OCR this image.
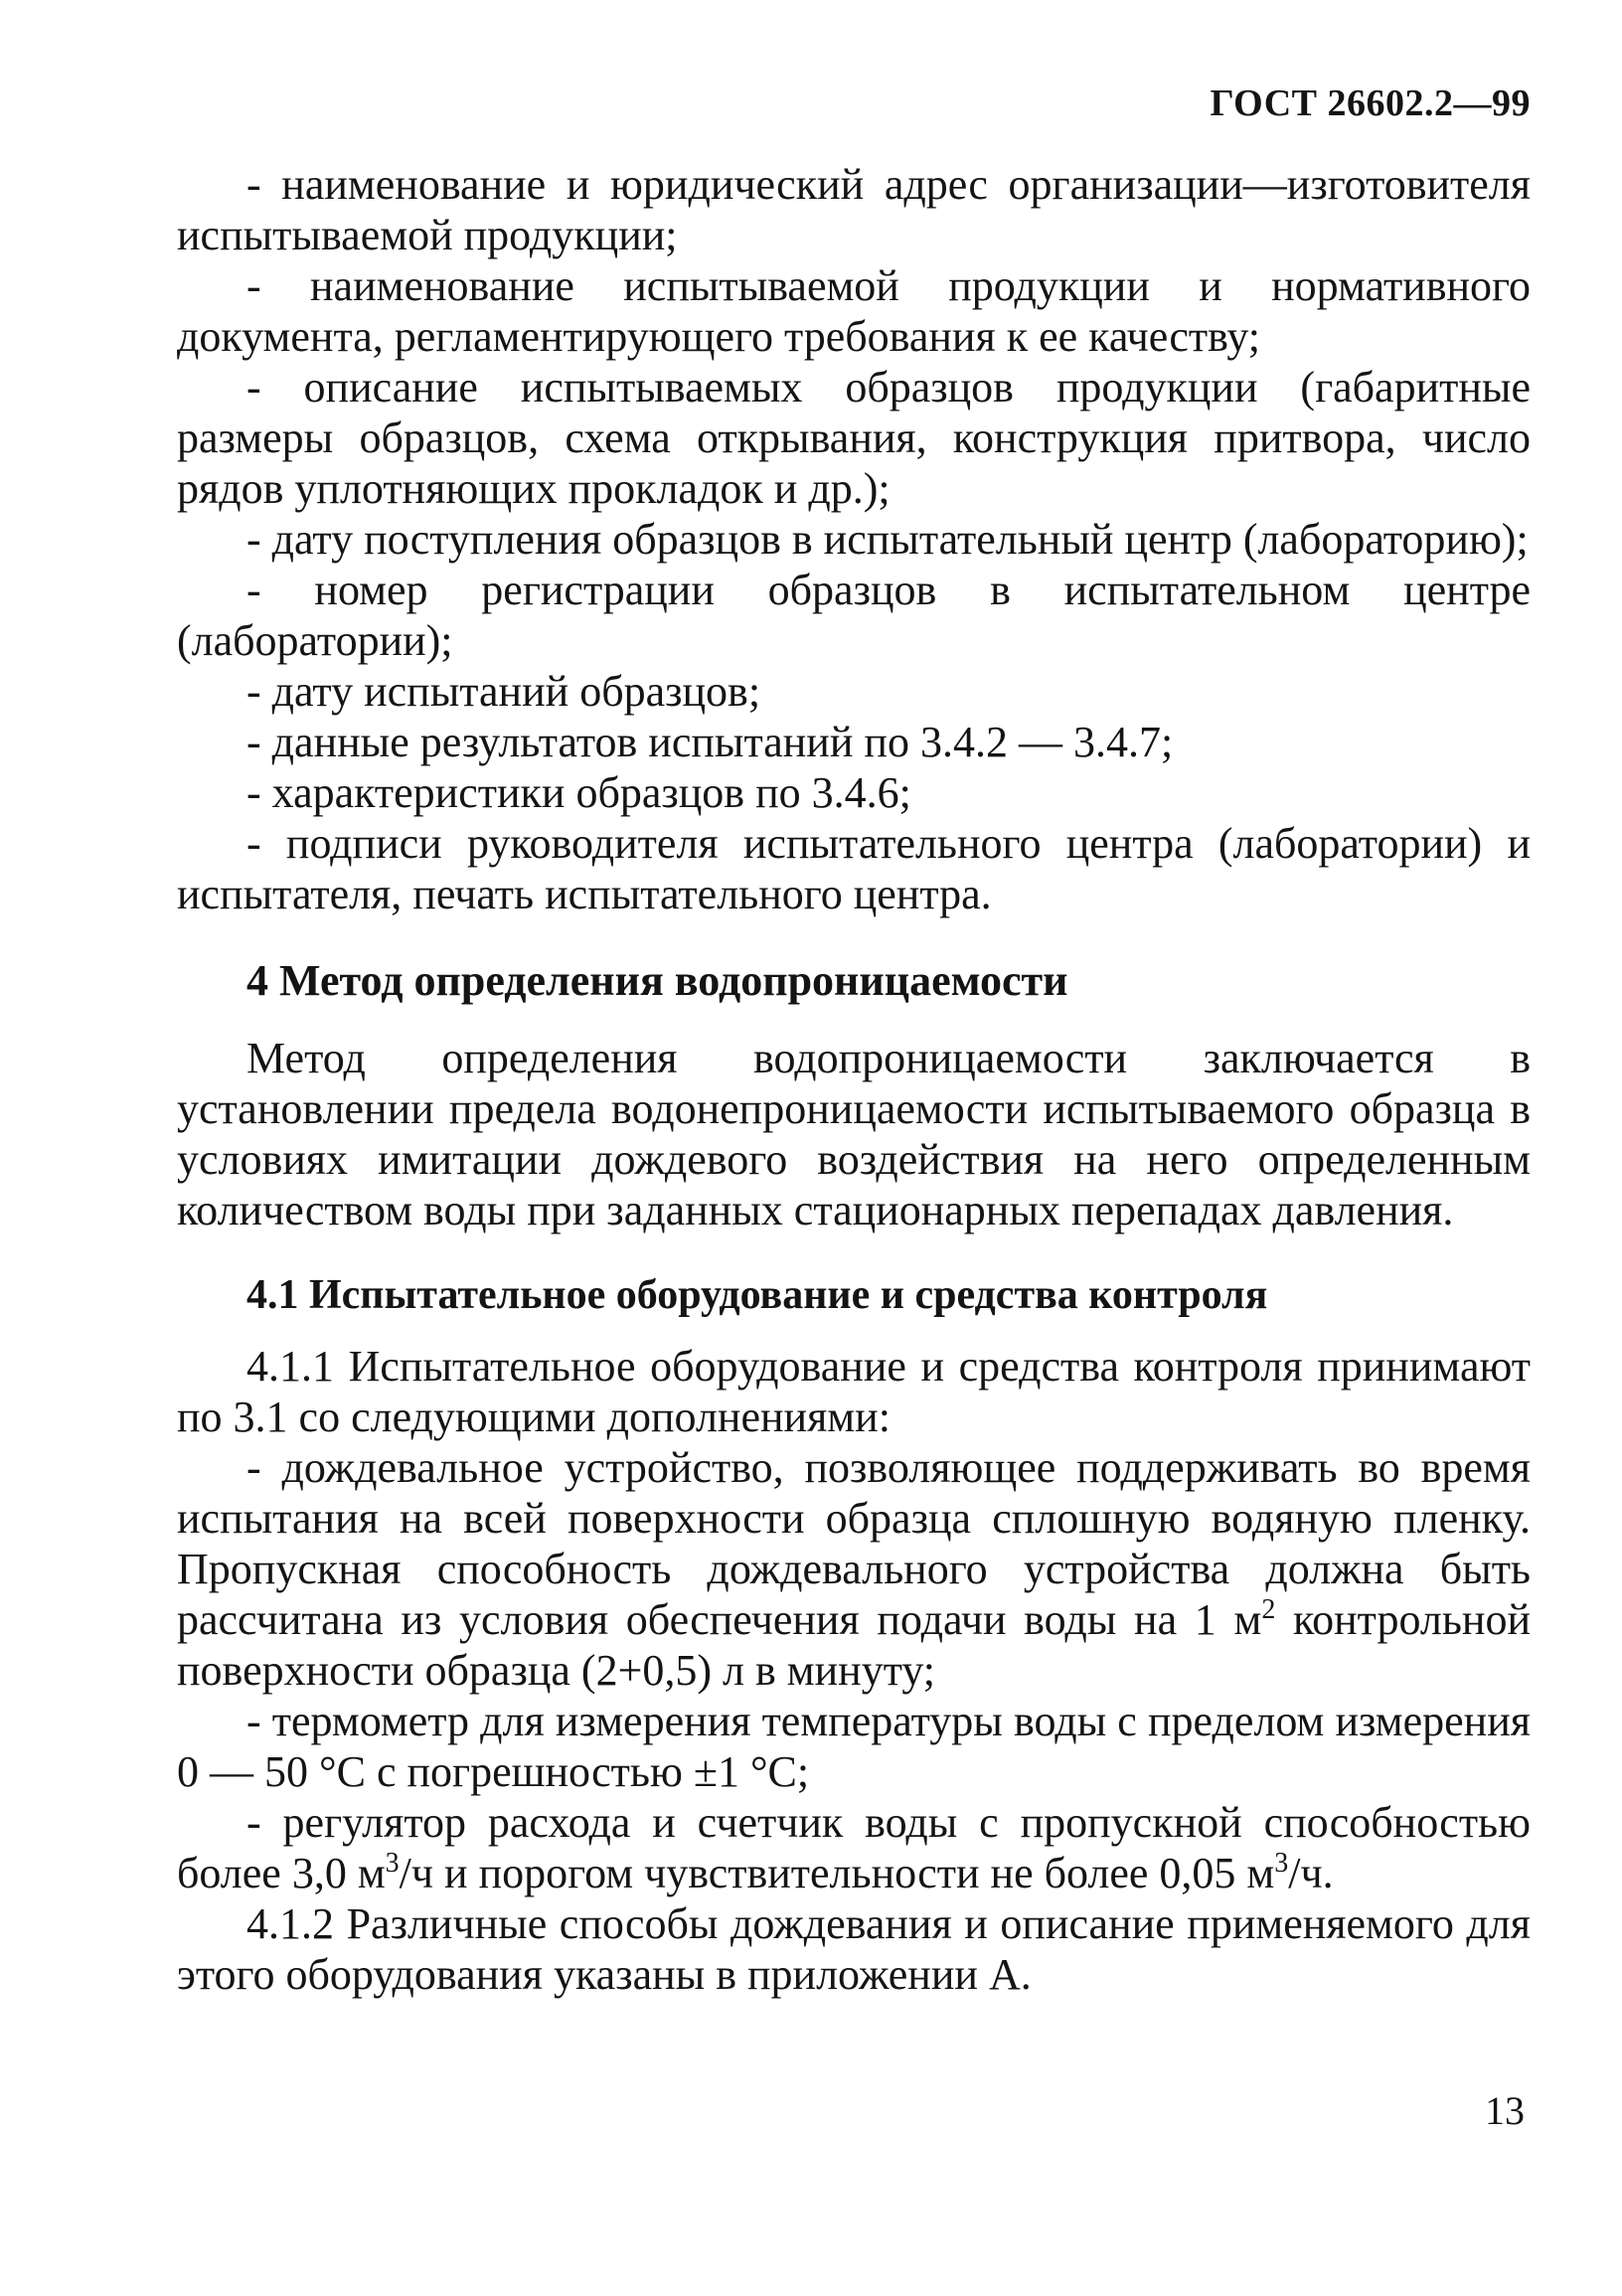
ГОСТ 26602.2—99

- наименование и юридический адрес организации—изготовителя испытываемой продукции;

- наименование испытываемой продукции и нормативного документа, регламентирующего требования к ее качеству;

- описание испытываемых образцов продукции (габаритные размеры образцов, схема открывания, конструкция притвора, число рядов уплотняющих прокладок и др.);

- дату поступления образцов в испытательный центр (лабораторию);

- номер регистрации образцов в испытательном центре (лаборатории);

- дату испытаний образцов;

- данные результатов испытаний по 3.4.2 — 3.4.7;

- характеристики образцов по 3.4.6;

- подписи руководителя испытательного центра (лаборатории) и испытателя, печать испытательного центра.

4 Метод определения водопроницаемости

Метод определения водопроницаемости заключается в установлении предела водонепроницаемости испытываемого образца в условиях имитации дождевого воздействия на него определенным количеством воды при заданных стационарных перепадах давления.

4.1 Испытательное оборудование и средства контроля

4.1.1 Испытательное оборудование и средства контроля принимают по 3.1 со следующими дополнениями:

- дождевальное устройство, позволяющее поддерживать во время испытания на всей поверхности образца сплошную водяную пленку. Пропускная способность дождевального устройства должна быть рассчитана из условия обеспечения подачи воды на 1 $м^2$ контрольной поверхности образца (2+0,5) л в минуту;

- термометр для измерения температуры воды с пределом измерения 0 — 50 °С с погрешностью ±1 °С;

- регулятор расхода и счетчик воды с пропускной способностью более 3,0 $м^3/ч$ и порогом чувствительности не более 0,05 $м^3/ч$.

4.1.2 Различные способы дождевания и описание применяемого для этого оборудования указаны в приложении А.

13
